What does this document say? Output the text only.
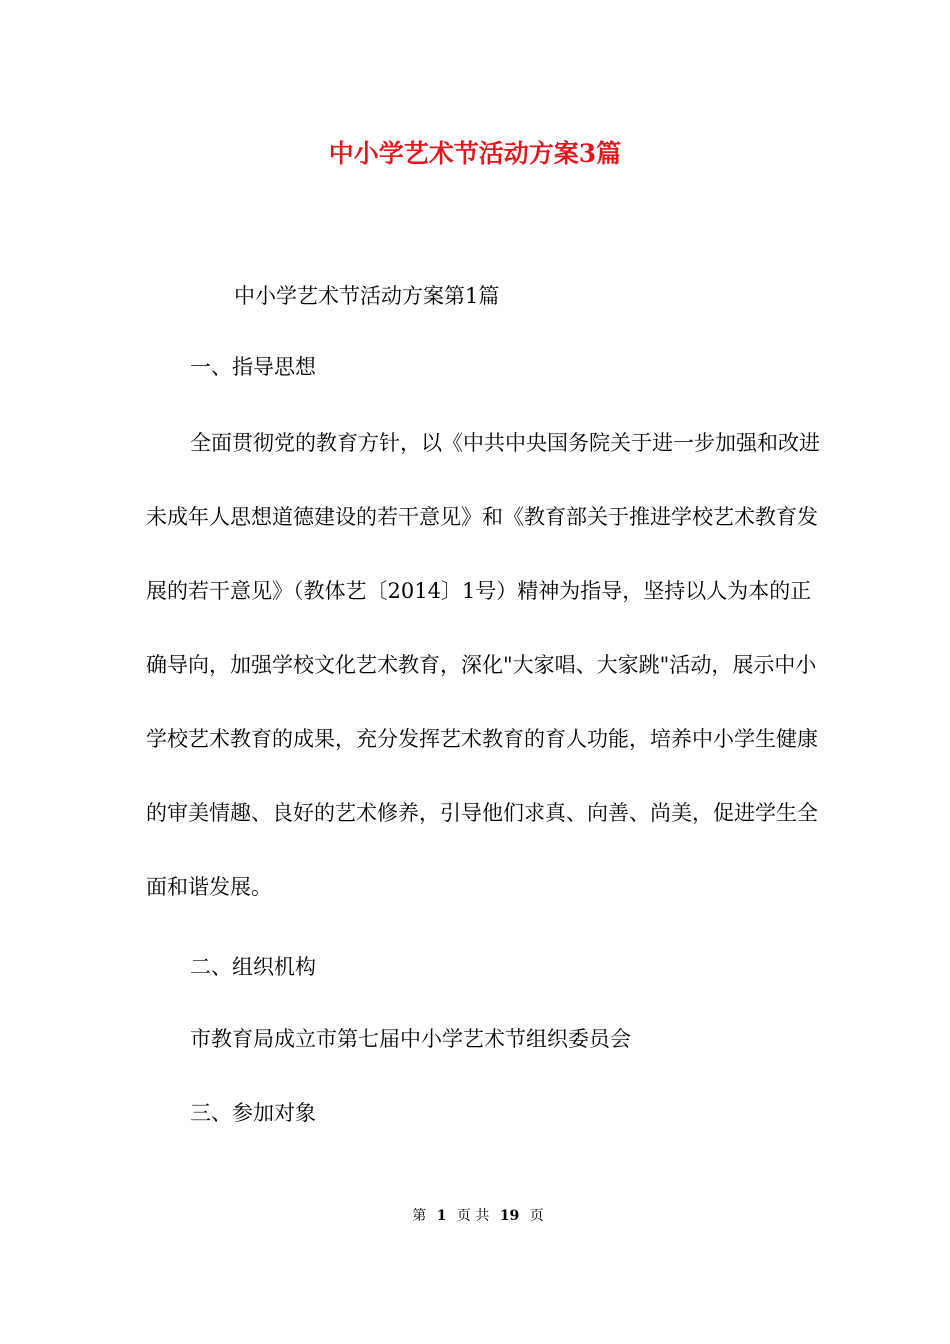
中小学艺术节活动方案3篇
中小学艺术节活动方案第1篇
一、指导思想

全面贯彻党的教育方针，以《中共中央国务院关于进一步加强和改进未成年人思想道德建设的若干意见》和《教育部关于推进学校艺术教育发展的若干意见》（教体艺〔2014〕1号）精神为指导，坚持以人为本的正确导向，加强学校文化艺术教育，深化"大家唱、大家跳"活动，展示中小学校艺术教育的成果，充分发挥艺术教育的育人功能，培养中小学生健康的审美情趣、良好的艺术修养，引导他们求真、向善、尚美，促进学生全面和谐发展。

二、组织机构
市教育局成立市第七届中小学艺术节组织委员会
三、参加对象
第 1 页 共 19 页
